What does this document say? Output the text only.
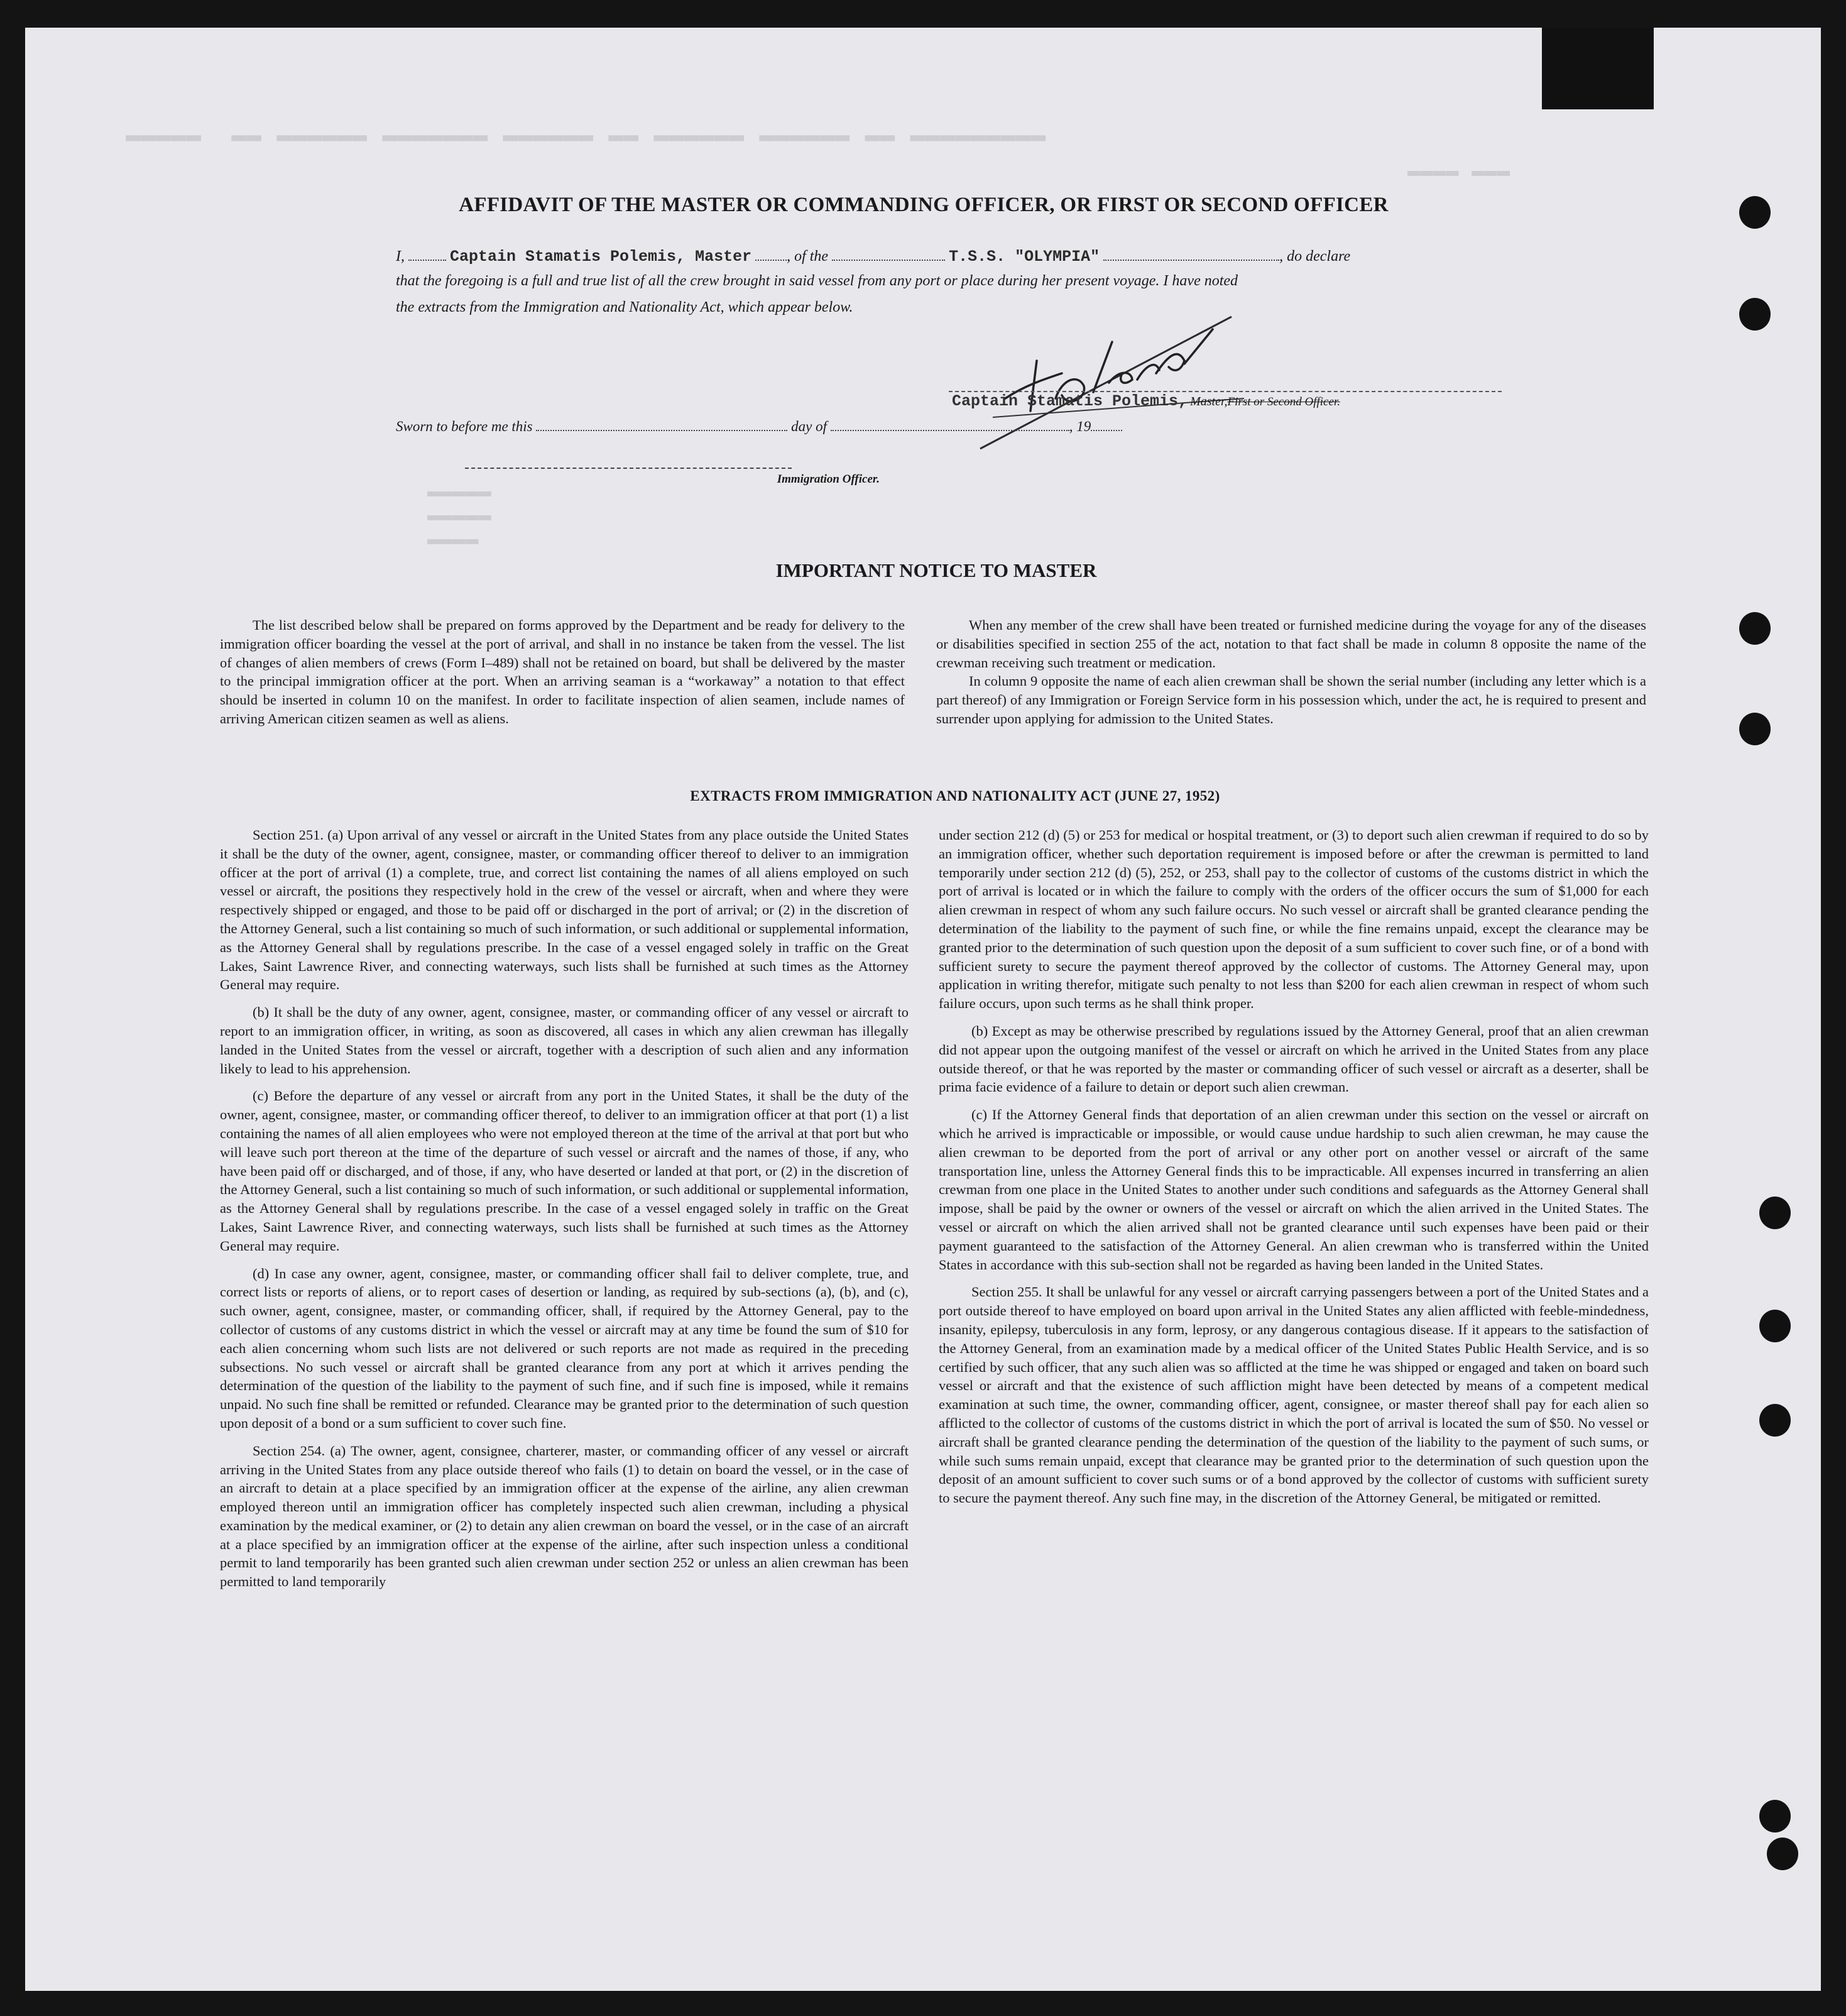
▬▬▬▬▬  ▬▬ ▬▬▬▬▬▬ ▬▬▬▬▬▬▬ ▬▬▬▬▬▬ ▬▬ ▬▬▬▬▬▬ ▬▬▬▬▬▬ ▬▬ ▬▬▬▬▬▬▬▬▬
▬▬▬▬ ▬▬▬
▬▬▬▬▬
▬▬▬▬▬
▬▬▬▬
AFFIDAVIT OF THE MASTER OR COMMANDING OFFICER, OR FIRST OR SECOND OFFICER
I,	Captain Stamatis Polemis, Master , of the	T.S.S. "OLYMPIA"	, do declare
that the foregoing is a full and true list of all the crew brought in said vessel from any port or place during her present voyage. I have noted
the extracts from the Immigration and Nationality Act, which appear below.
Captain Stamatis Polemis, Master,First or Second Officer.
Sworn to before me this	day of	, 19
Immigration Officer.
IMPORTANT NOTICE TO MASTER

The list described below shall be prepared on forms approved by the Department and be ready for delivery to the immigration officer boarding the vessel at the port of arrival, and shall in no instance be taken from the vessel. The list of changes of alien members of crews (Form I–489) shall not be retained on board, but shall be delivered by the master to the principal immigration officer at the port. When an arriving seaman is a “workaway” a notation to that effect should be inserted in column 10 on the manifest. In order to facilitate inspection of alien seamen, include names of arriving American citizen seamen as well as aliens.

When any member of the crew shall have been treated or furnished medicine during the voyage for any of the diseases or disabilities specified in section 255 of the act, notation to that fact shall be made in column 8 opposite the name of the crewman receiving such treatment or medication.

In column 9 opposite the name of each alien crewman shall be shown the serial number (including any letter which is a part thereof) of any Immigration or Foreign Service form in his possession which, under the act, he is required to present and surrender upon applying for admission to the United States.

EXTRACTS FROM IMMIGRATION AND NATIONALITY ACT (JUNE 27, 1952)

Section 251. (a) Upon arrival of any vessel or aircraft in the United States from any place outside the United States it shall be the duty of the owner, agent, consignee, master, or commanding officer thereof to deliver to an immigration officer at the port of arrival (1) a complete, true, and correct list containing the names of all aliens employed on such vessel or aircraft, the positions they respectively hold in the crew of the vessel or aircraft, when and where they were respectively shipped or engaged, and those to be paid off or discharged in the port of arrival; or (2) in the discretion of the Attorney General, such a list containing so much of such information, or such additional or supplemental information, as the Attorney General shall by regulations prescribe. In the case of a vessel engaged solely in traffic on the Great Lakes, Saint Lawrence River, and connecting waterways, such lists shall be furnished at such times as the Attorney General may require.

(b) It shall be the duty of any owner, agent, consignee, master, or commanding officer of any vessel or aircraft to report to an immigration officer, in writing, as soon as discovered, all cases in which any alien crewman has illegally landed in the United States from the vessel or aircraft, together with a description of such alien and any information likely to lead to his apprehension.

(c) Before the departure of any vessel or aircraft from any port in the United States, it shall be the duty of the owner, agent, consignee, master, or commanding officer thereof, to deliver to an immigration officer at that port (1) a list containing the names of all alien employees who were not employed thereon at the time of the arrival at that port but who will leave such port thereon at the time of the departure of such vessel or aircraft and the names of those, if any, who have been paid off or discharged, and of those, if any, who have deserted or landed at that port, or (2) in the discretion of the Attorney General, such a list containing so much of such information, or such additional or supplemental information, as the Attorney General shall by regulations prescribe. In the case of a vessel engaged solely in traffic on the Great Lakes, Saint Lawrence River, and connecting waterways, such lists shall be furnished at such times as the Attorney General may require.

(d) In case any owner, agent, consignee, master, or commanding officer shall fail to deliver complete, true, and correct lists or reports of aliens, or to report cases of desertion or landing, as required by sub-sections (a), (b), and (c), such owner, agent, consignee, master, or commanding officer, shall, if required by the Attorney General, pay to the collector of customs of any customs district in which the vessel or aircraft may at any time be found the sum of $10 for each alien concerning whom such lists are not delivered or such reports are not made as required in the preceding subsections. No such vessel or aircraft shall be granted clearance from any port at which it arrives pending the determination of the question of the liability to the payment of such fine, and if such fine is imposed, while it remains unpaid. No such fine shall be remitted or refunded. Clearance may be granted prior to the determination of such question upon deposit of a bond or a sum sufficient to cover such fine.

Section 254. (a) The owner, agent, consignee, charterer, master, or commanding officer of any vessel or aircraft arriving in the United States from any place outside thereof who fails (1) to detain on board the vessel, or in the case of an aircraft to detain at a place specified by an immigration officer at the expense of the airline, any alien crewman employed thereon until an immigration officer has completely inspected such alien crewman, including a physical examination by the medical examiner, or (2) to detain any alien crewman on board the vessel, or in the case of an aircraft at a place specified by an immigration officer at the expense of the airline, after such inspection unless a conditional permit to land temporarily has been granted such alien crewman under section 252 or unless an alien crewman has been permitted to land temporarily

under section 212 (d) (5) or 253 for medical or hospital treatment, or (3) to deport such alien crewman if required to do so by an immigration officer, whether such deportation requirement is imposed before or after the crewman is permitted to land temporarily under section 212 (d) (5), 252, or 253, shall pay to the collector of customs of the customs district in which the port of arrival is located or in which the failure to comply with the orders of the officer occurs the sum of $1,000 for each alien crewman in respect of whom any such failure occurs. No such vessel or aircraft shall be granted clearance pending the determination of the liability to the payment of such fine, or while the fine remains unpaid, except the clearance may be granted prior to the determination of such question upon the deposit of a sum sufficient to cover such fine, or of a bond with sufficient surety to secure the payment thereof approved by the collector of customs. The Attorney General may, upon application in writing therefor, mitigate such penalty to not less than $200 for each alien crewman in respect of whom such failure occurs, upon such terms as he shall think proper.

(b) Except as may be otherwise prescribed by regulations issued by the Attorney General, proof that an alien crewman did not appear upon the outgoing manifest of the vessel or aircraft on which he arrived in the United States from any place outside thereof, or that he was reported by the master or commanding officer of such vessel or aircraft as a deserter, shall be prima facie evidence of a failure to detain or deport such alien crewman.

(c) If the Attorney General finds that deportation of an alien crewman under this section on the vessel or aircraft on which he arrived is impracticable or impossible, or would cause undue hardship to such alien crewman, he may cause the alien crewman to be deported from the port of arrival or any other port on another vessel or aircraft of the same transportation line, unless the Attorney General finds this to be impracticable. All expenses incurred in transferring an alien crewman from one place in the United States to another under such conditions and safeguards as the Attorney General shall impose, shall be paid by the owner or owners of the vessel or aircraft on which the alien arrived in the United States. The vessel or aircraft on which the alien arrived shall not be granted clearance until such expenses have been paid or their payment guaranteed to the satisfaction of the Attorney General. An alien crewman who is transferred within the United States in accordance with this sub-section shall not be regarded as having been landed in the United States.

Section 255. It shall be unlawful for any vessel or aircraft carrying passengers between a port of the United States and a port outside thereof to have employed on board upon arrival in the United States any alien afflicted with feeble-mindedness, insanity, epilepsy, tuberculosis in any form, leprosy, or any dangerous contagious disease. If it appears to the satisfaction of the Attorney General, from an examination made by a medical officer of the United States Public Health Service, and is so certified by such officer, that any such alien was so afflicted at the time he was shipped or engaged and taken on board such vessel or aircraft and that the existence of such affliction might have been detected by means of a competent medical examination at such time, the owner, commanding officer, agent, consignee, or master thereof shall pay for each alien so afflicted to the collector of customs of the customs district in which the port of arrival is located the sum of $50. No vessel or aircraft shall be granted clearance pending the determination of the question of the liability to the payment of such sums, or while such sums remain unpaid, except that clearance may be granted prior to the determination of such question upon the deposit of an amount sufficient to cover such sums or of a bond approved by the collector of customs with sufficient surety to secure the payment thereof. Any such fine may, in the discretion of the Attorney General, be mitigated or remitted.
